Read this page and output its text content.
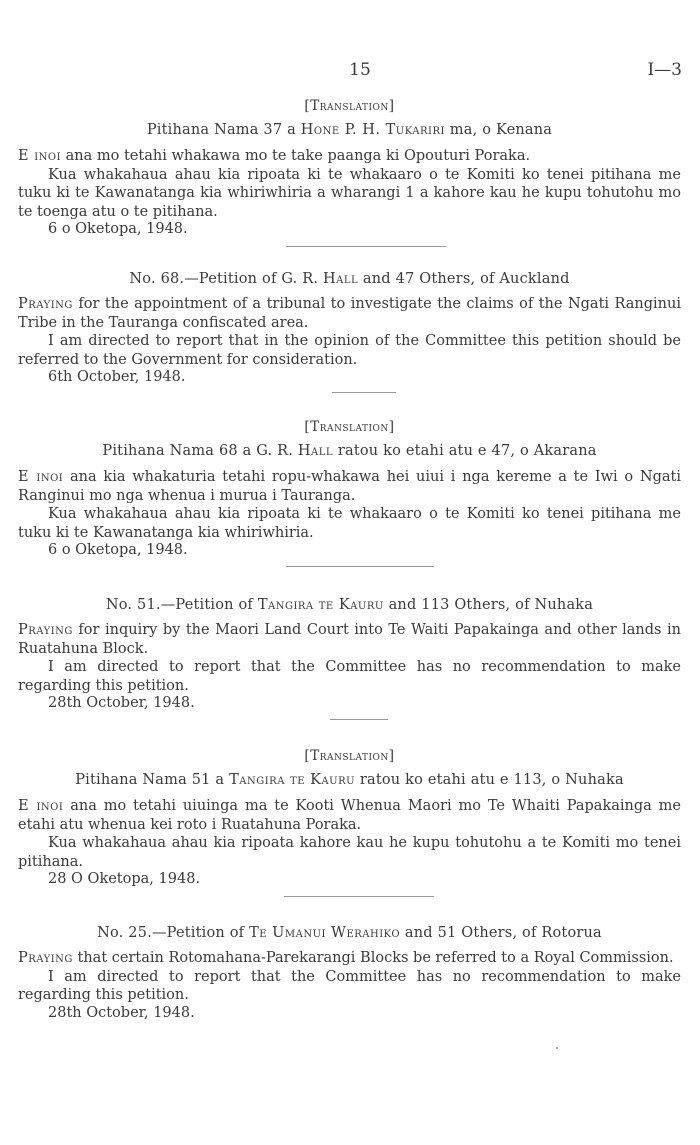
15	I—3
[Translation]
Pitihana Nama 37 a Hone P. H. Tukariri ma, o Kenana

E inoi ana mo tetahi whakawa mo te take paanga ki Opouturi Poraka.

Kua whakahaua ahau kia ripoata ki te whakaaro o te Komiti ko tenei pitihana me tuku ki te Kawanatanga kia whiriwhiria a wharangi 1 a kahore kau he kupu tohutohu mo te toenga atu o te pitihana.

6 o Oketopa, 1948.
No. 68.—Petition of G. R. Hall and 47 Others, of Auckland

Praying for the appointment of a tribunal to investigate the claims of the Ngati Ranginui Tribe in the Tauranga confiscated area.

I am directed to report that in the opinion of the Committee this petition should be referred to the Government for consideration.

6th October, 1948.
[Translation]
Pitihana Nama 68 a G. R. Hall ratou ko etahi atu e 47, o Akarana

E inoi ana kia whakaturia tetahi ropu-whakawa hei uiui i nga kereme a te Iwi o Ngati Ranginui mo nga whenua i murua i Tauranga.

Kua whakahaua ahau kia ripoata ki te whakaaro o te Komiti ko tenei pitihana me tuku ki te Kawanatanga kia whiriwhiria.

6 o Oketopa, 1948.
No. 51.—Petition of Tangira te Kauru and 113 Others, of Nuhaka

Praying for inquiry by the Maori Land Court into Te Waiti Papakainga and other lands in Ruatahuna Block.

I am directed to report that the Committee has no recommendation to make regarding this petition.

28th October, 1948.
[Translation]
Pitihana Nama 51 a Tangira te Kauru ratou ko etahi atu e 113, o Nuhaka

E inoi ana mo tetahi uiuinga ma te Kooti Whenua Maori mo Te Whaiti Papakainga me etahi atu whenua kei roto i Ruatahuna Poraka.

Kua whakahaua ahau kia ripoata kahore kau he kupu tohutohu a te Komiti mo tenei pitihana.

28 O Oketopa, 1948.
No. 25.—Petition of Te Umanui Werahiko and 51 Others, of Rotorua

Praying that certain Rotomahana-Parekarangi Blocks be referred to a Royal Commission.

I am directed to report that the Committee has no recommendation to make regarding this petition.

28th October, 1948.
